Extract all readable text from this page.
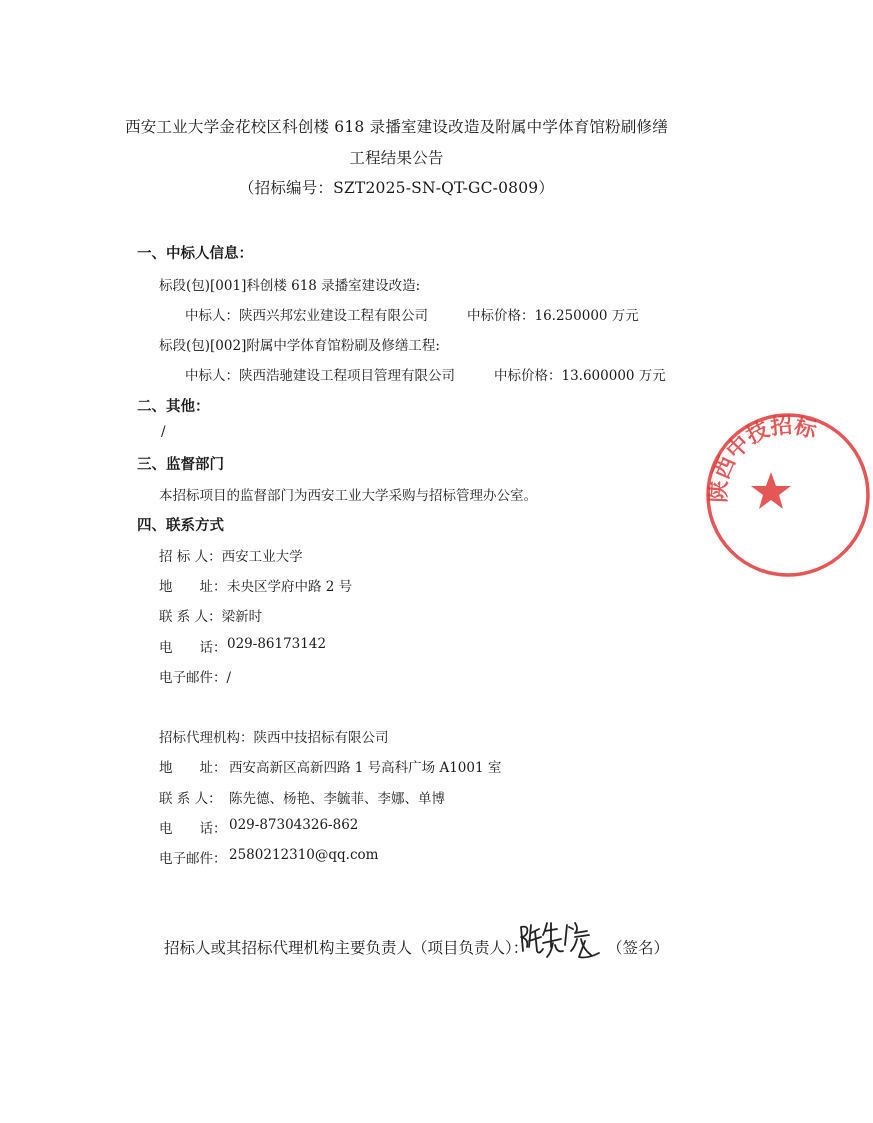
西安工业大学金花校区科创楼 618 录播室建设改造及附属中学体育馆粉刷修缮
工程结果公告
（招标编号：SZT2025-SN-QT-GC-0809）
一、中标人信息：
标段(包)[001]科创楼 618 录播室建设改造:
中标人：陕西兴邦宏业建设工程有限公司	中标价格：16.250000 万元
标段(包)[002]附属中学体育馆粉刷及修缮工程:
中标人：陕西浩驰建设工程项目管理有限公司	中标价格：13.600000 万元
二、其他：
/
三、监督部门
本招标项目的监督部门为西安工业大学采购与招标管理办公室。
四、联系方式
招 标 人：西安工业大学
地　　址： 未央区学府中路 2 号
联 系 人：梁新时
电　　话： 029-86173142
电子邮件：/
招标代理机构：陕西中技招标有限公司
地　　址： 西安高新区高新四路 1 号高科广场 A1001 室
联 系 人： 陈先德、杨艳、李毓菲、李娜、单博
电　　话： 029-87304326-862
电子邮件： 2580212310@qq.com
招标人或其招标代理机构主要负责人（项目负责人）：	（签名）
陕西中技招标
